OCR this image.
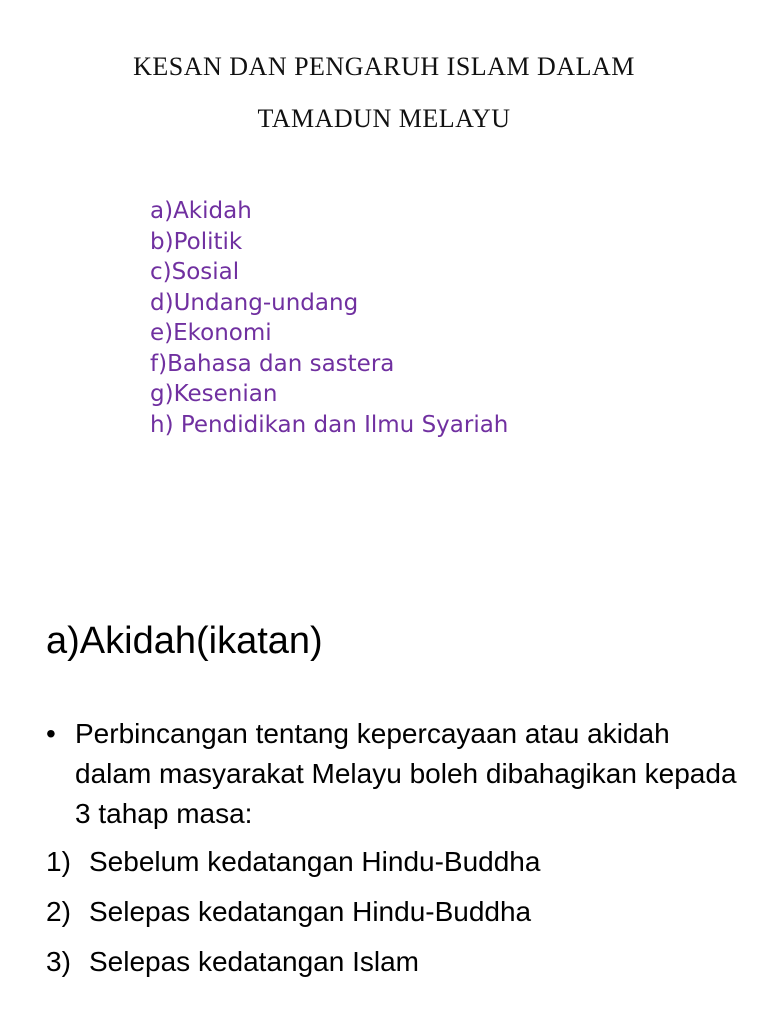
KESAN DAN PENGARUH ISLAM DALAM
TAMADUN MELAYU
a)Akidah
b)Politik
c)Sosial
d)Undang-undang
e)Ekonomi
f)Bahasa dan sastera
g)Kesenian
h) Pendidikan dan Ilmu Syariah
a)Akidah(ikatan)
• Perbincangan tentang kepercayaan atau akidah dalam masyarakat Melayu boleh dibahagikan kepada 3 tahap masa:
1) Sebelum kedatangan Hindu-Buddha
2) Selepas kedatangan Hindu-Buddha
3) Selepas kedatangan Islam
